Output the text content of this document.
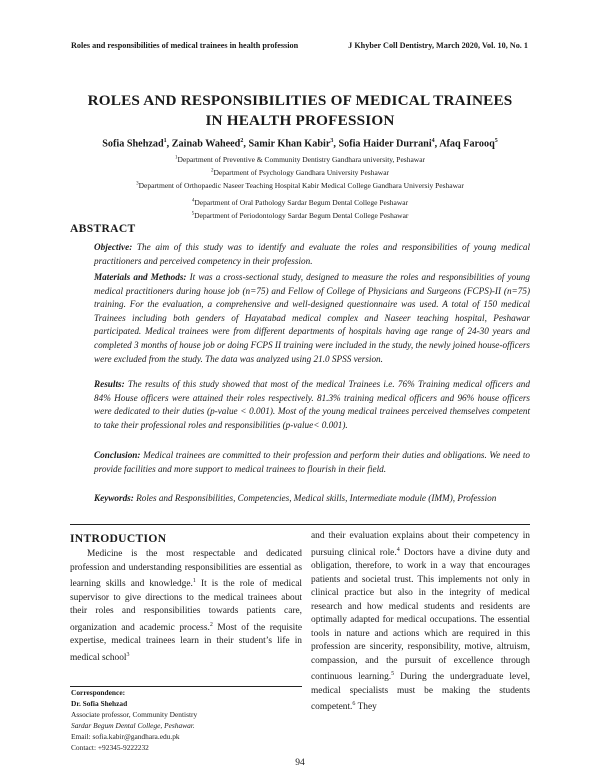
Roles and responsibilities of medical trainees in health profession	J Khyber Coll Dentistry, March 2020, Vol. 10, No. 1
ROLES AND RESPONSIBILITIES OF MEDICAL TRAINEES
IN HEALTH PROFESSION
Sofia Shehzad$^1$, Zainab Waheed$^2$, Samir Khan Kabir$^3$, Sofia Haider Durrani$^4$, Afaq Farooq$^5$
$^1$Department of Preventive & Community Dentistry Gandhara university, Peshawar
$^2$Department of Psychology Gandhara University Peshawar
$^3$Department of Orthopaedic Naseer Teaching Hospital Kabir Medical College Gandhara Universiy Peshawar
$^4$Department of Oral Pathology Sardar Begum Dental College Peshawar
$^5$Department of Periodontology Sardar Begum Dental College Peshawar
ABSTRACT
Objective: The aim of this study was to identify and evaluate the roles and responsibilities of young medical practitioners and perceived competency in their profession.
Materials and Methods: It was a cross-sectional study, designed to measure the roles and responsibilities of young medical practitioners during house job (n=75) and Fellow of College of Physicians and Surgeons (FCPS)-II (n=75) training. For the evaluation, a comprehensive and well-designed questionnaire was used. A total of 150 medical Trainees including both genders of Hayatabad medical complex and Naseer teaching hospital, Peshawar participated. Medical trainees were from different departments of hospitals having age range of 24-30 years and completed 3 months of house job or doing FCPS II training were included in the study, the newly joined house-officers were excluded from the study. The data was analyzed using 21.0 SPSS version.
Results: The results of this study showed that most of the medical Trainees i.e. 76% Training medical officers and 84% House officers were attained their roles respectively. 81.3% training medical officers and 96% house officers were dedicated to their duties (p-value < 0.001). Most of the young medical trainees perceived themselves competent to take their professional roles and responsibilities (p-value< 0.001).
Conclusion: Medical trainees are committed to their profession and perform their duties and obligations. We need to provide facilities and more support to medical trainees to flourish in their field.
Keywords: Roles and Responsibilities, Competencies, Medical skills, Intermediate module (IMM), Profession
INTRODUCTION

Medicine is the most respectable and dedicated profession and understanding responsibilities are essential as learning skills and knowledge.$^1$ It is the role of medical supervisor to give directions to the medical trainees about their roles and responsibilities towards patients care, organization and academic process.$^2$ Most of the requisite expertise, medical trainees learn in their student’s life in medical school$^3$

and their evaluation explains about their competency in pursuing clinical role.$^4$ Doctors have a divine duty and obligation, therefore, to work in a way that encourages patients and societal trust. This implements not only in clinical practice but also in the integrity of medical research and how medical students and residents are optimally adapted for medical occupations. The essential tools in nature and actions which are required in this profession are sincerity, responsibility, motive, altruism, compassion, and the pursuit of excellence through continuous learning.$^5$ During the undergraduate level, medical specialists must be making the students competent.$^6$ They

Correspondence:
Dr. Sofia Shehzad
Associate professor, Community Dentistry
Sardar Begum Dental College, Peshawar.
Email: sofia.kabir@gandhara.edu.pk
Contact: +92345-9222232
94
